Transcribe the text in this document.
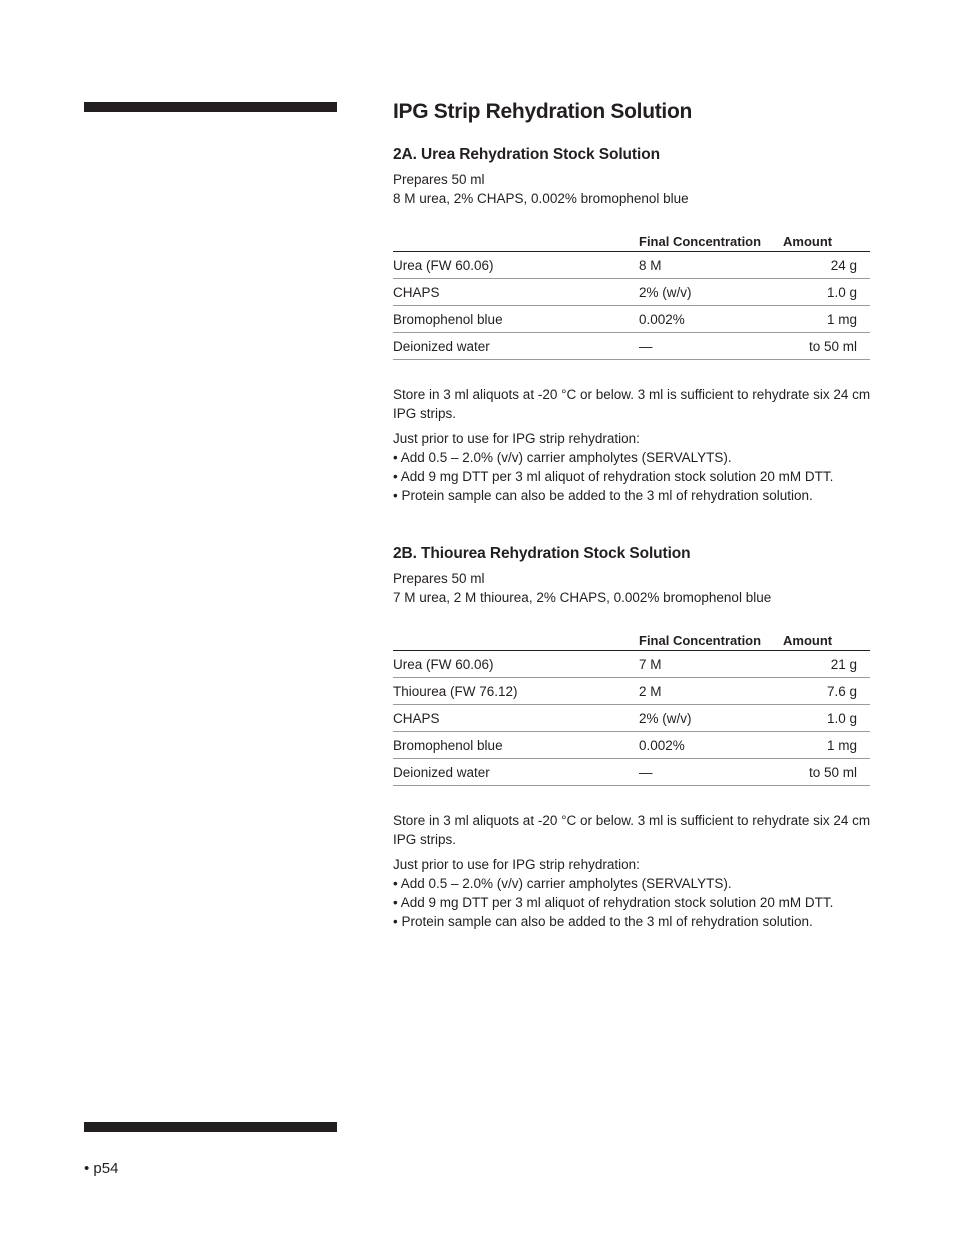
IPG Strip Rehydration Solution
2A. Urea Rehydration Stock Solution
Prepares 50 ml
8 M urea, 2% CHAPS, 0.002% bromophenol blue
	Final Concentration	Amount
Urea (FW 60.06)	8 M	24 g
CHAPS	2% (w/v)	1.0 g
Bromophenol blue	0.002%	1 mg
Deionized water	—	to 50 ml
Store in 3 ml aliquots at -20 °C or below. 3 ml is sufficient to rehydrate six 24 cm IPG strips.
Just prior to use for IPG strip rehydration:
• Add 0.5 – 2.0% (v/v) carrier ampholytes (SERVALYTS).
• Add 9 mg DTT per 3 ml aliquot of rehydration stock solution 20 mM DTT.
• Protein sample can also be added to the 3 ml of rehydration solution.
2B. Thiourea Rehydration Stock Solution
Prepares 50 ml
7 M urea, 2 M thiourea, 2% CHAPS, 0.002% bromophenol blue
	Final Concentration	Amount
Urea (FW 60.06)	7 M	21 g
Thiourea (FW 76.12)	2 M	7.6 g
CHAPS	2% (w/v)	1.0 g
Bromophenol blue	0.002%	1 mg
Deionized water	—	to 50 ml
Store in 3 ml aliquots at -20 °C or below. 3 ml is sufficient to rehydrate six 24 cm IPG strips.
Just prior to use for IPG strip rehydration:
• Add 0.5 – 2.0% (v/v) carrier ampholytes (SERVALYTS).
• Add 9 mg DTT per 3 ml aliquot of rehydration stock solution 20 mM DTT.
• Protein sample can also be added to the 3 ml of rehydration solution.
• p54
